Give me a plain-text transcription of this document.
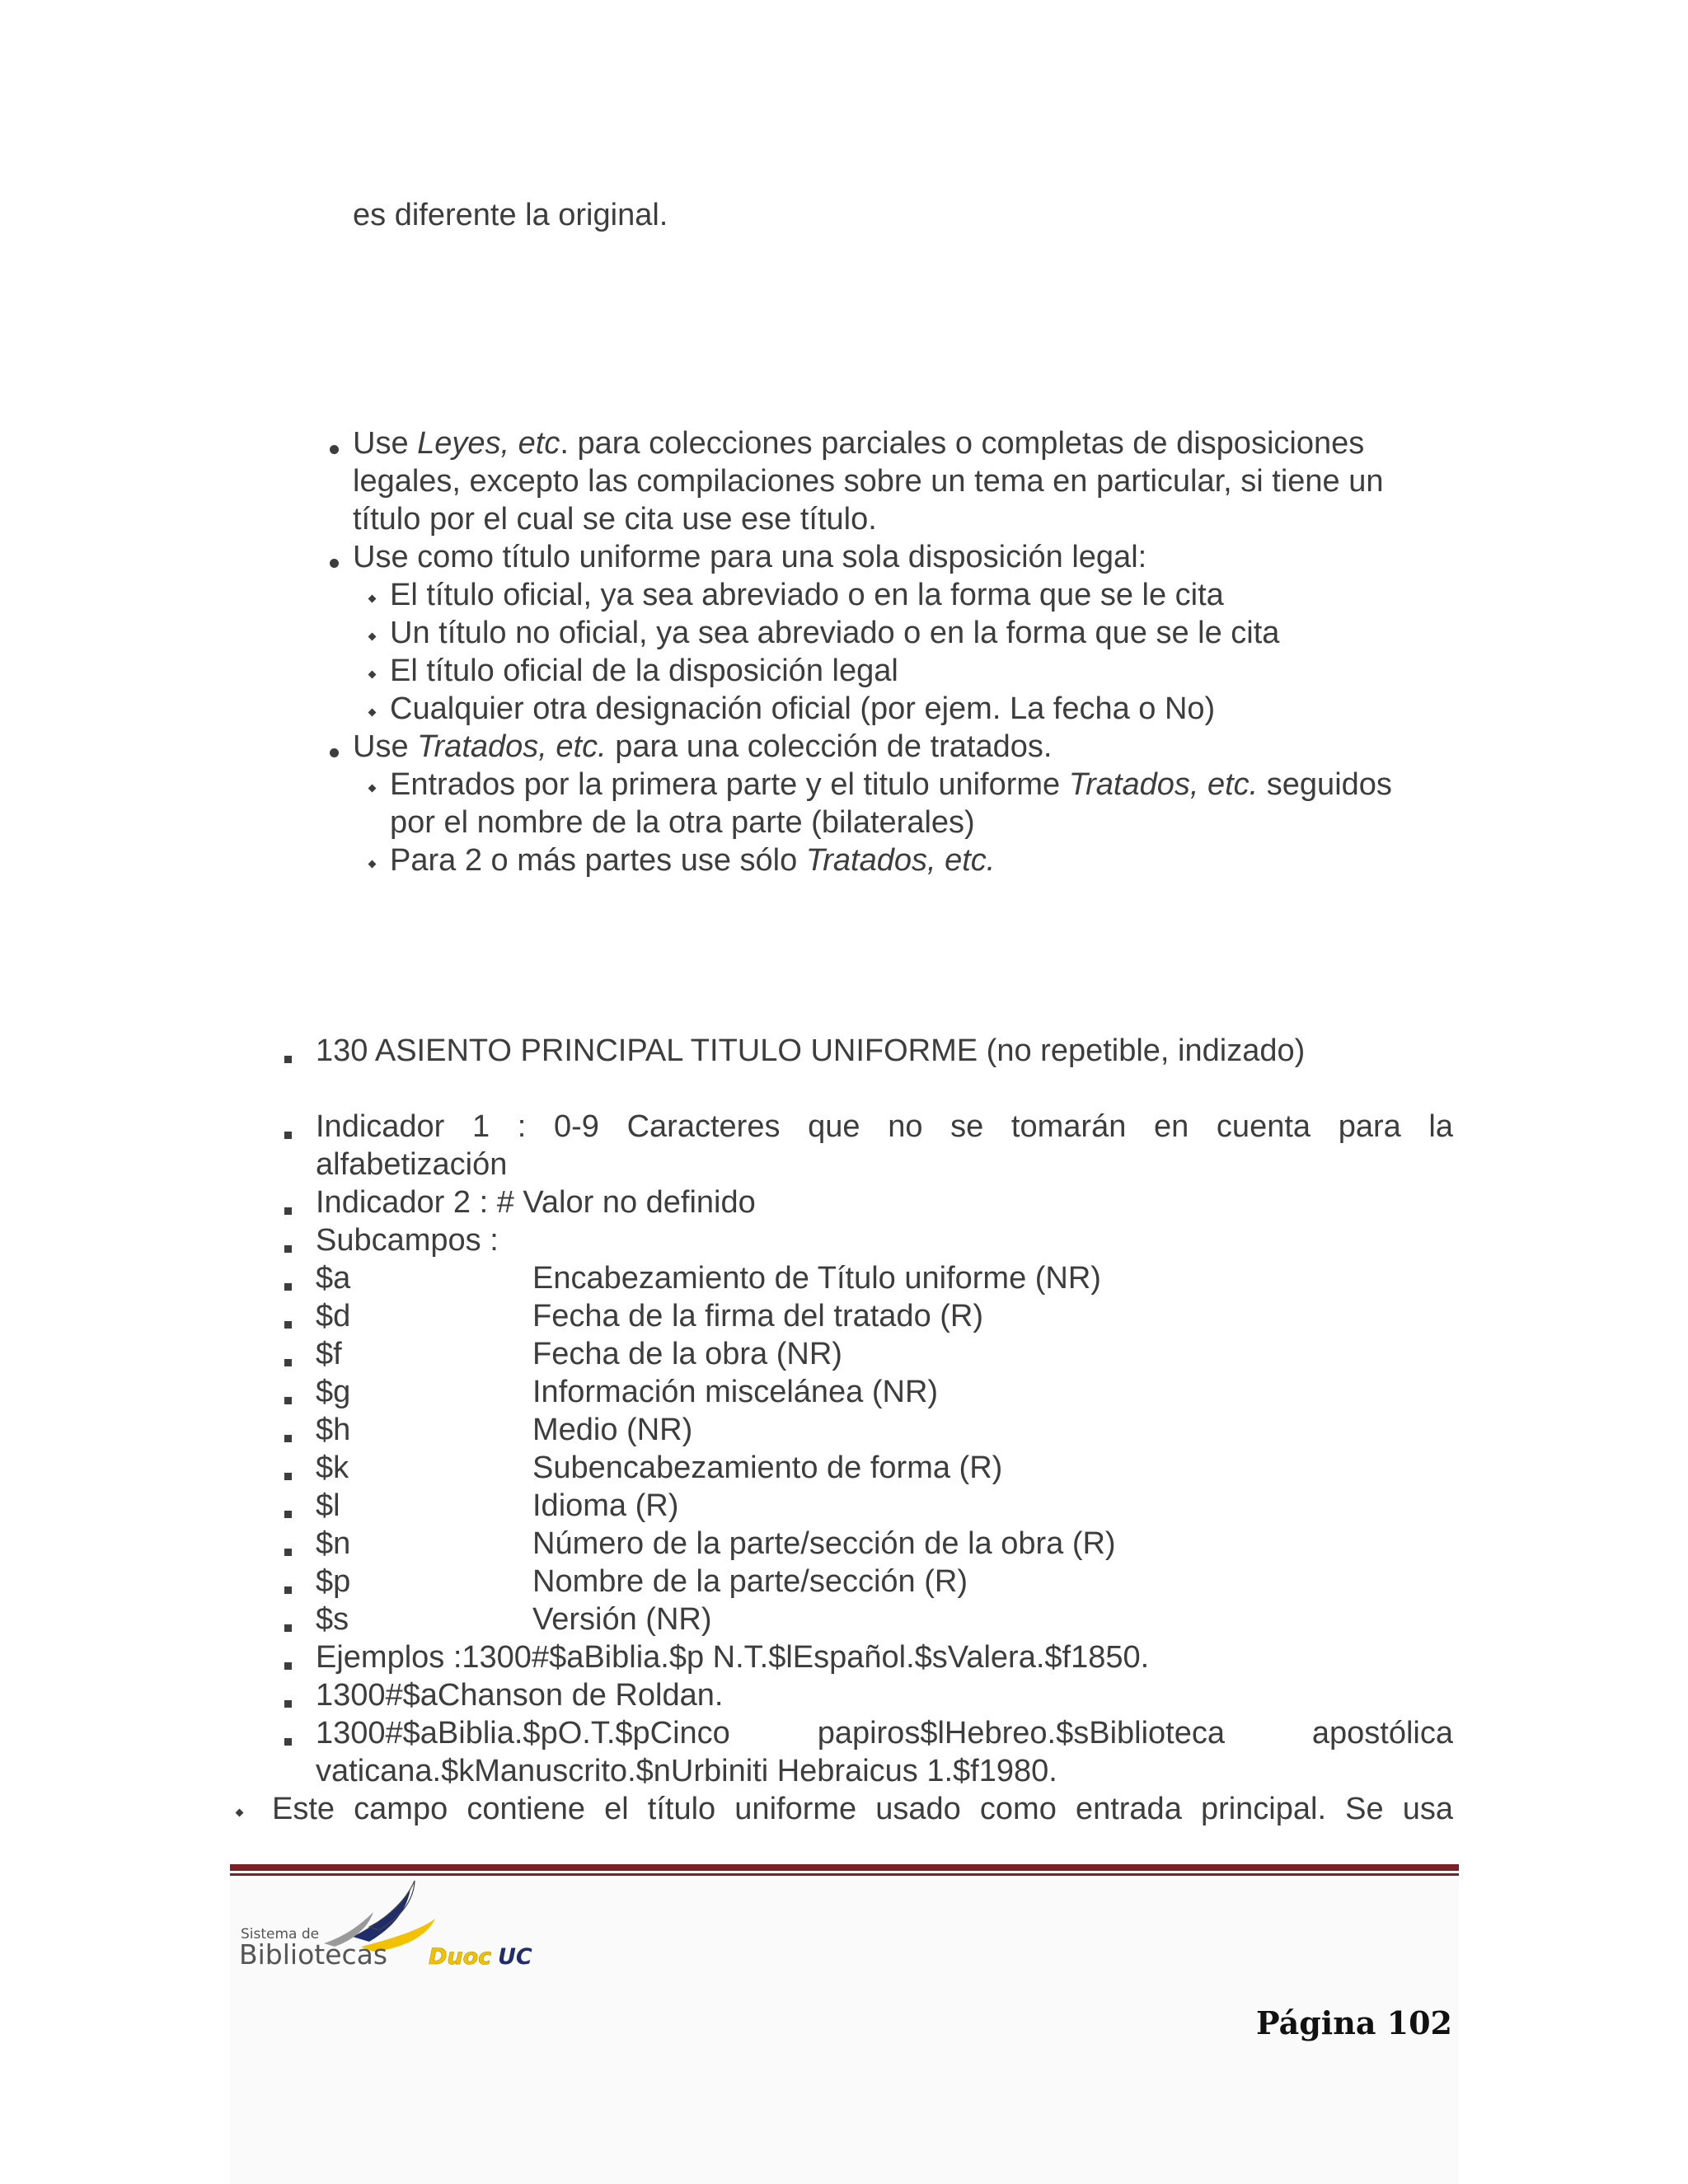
es diferente la original.

Use Leyes, etc. para colecciones parciales o completas de disposiciones

legales, excepto las compilaciones sobre un tema en particular, si tiene un

título por el cual se cita use ese título.

Use como título uniforme para una sola disposición legal:

El título oficial, ya sea abreviado o en la forma que se le cita

Un título no oficial, ya sea abreviado o en la forma que se le cita

El título oficial de la disposición legal

Cualquier otra designación oficial (por ejem. La fecha o No)

Use Tratados, etc. para una colección de tratados.

Entrados por la primera parte y el titulo uniforme Tratados, etc. seguidos

por el nombre de la otra parte (bilaterales)

Para 2 o más partes use sólo Tratados, etc.

130 ASIENTO PRINCIPAL TITULO UNIFORME (no repetible, indizado)

Indicador 1 : 0-9 Caracteres que no se tomarán en cuenta para la

alfabetización

Indicador 2 : # Valor no definido

Subcampos :

$a	Encabezamiento de Título uniforme (NR)
$d	Fecha de la firma del tratado (R)
$f	Fecha de la obra (NR)
$g	Información miscelánea (NR)
$h	Medio (NR)
$k	Subencabezamiento de forma (R)
$l	Idioma (R)
$n	Número de la parte/sección de la obra (R)
$p	Nombre de la parte/sección (R)
$s	Versión (NR)

Ejemplos :1300#$aBiblia.$p N.T.$lEspañol.$sValera.$f1850.

1300#$aChanson de Roldan.

1300#$aBiblia.$pO.T.$pCinco papiros$lHebreo.$sBiblioteca apostólica

vaticana.$kManuscrito.$nUrbiniti Hebraicus 1.$f1980.

Este campo contiene el título uniforme usado como entrada principal. Se usa

Sistema de
Bibliotecas Duoc UC
Página 102
